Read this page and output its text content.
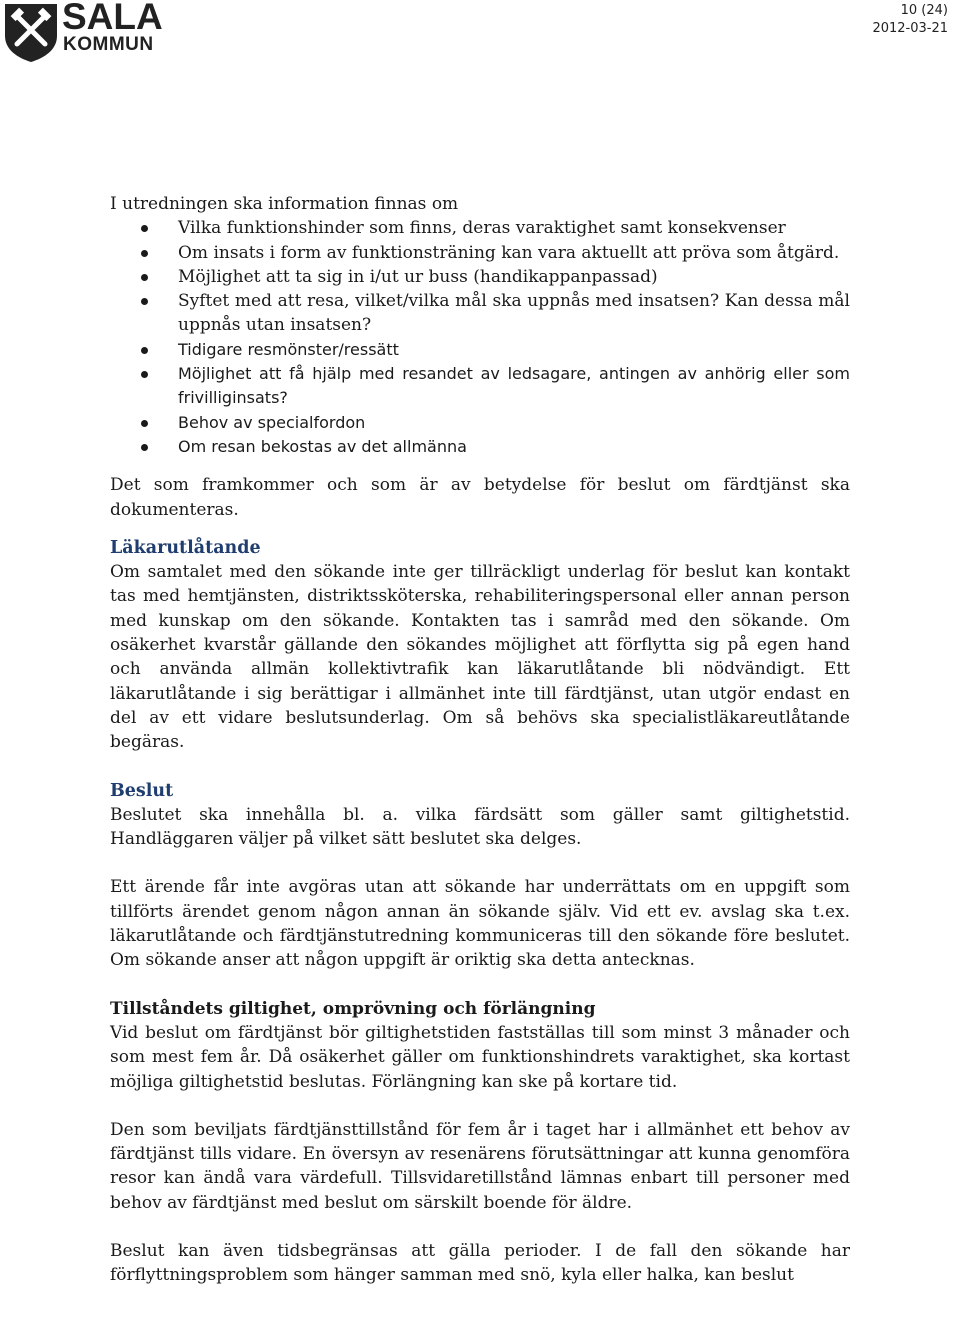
SALA
KOMMUN
10 (24)
2012-03-21

I utredningen ska information finnas om

Vilka funktionshinder som finns, deras varaktighet samt konsekvenser
Om insats i form av funktionsträning kan vara aktuellt att pröva som åtgärd.
Möjlighet att ta sig in i/ut ur buss (handikappanpassad)
Syftet med att resa, vilket/vilka mål ska uppnås med insatsen? Kan dessa mål uppnås utan insatsen?
Tidigare resmönster/ressätt
Möjlighet att få hjälp med resandet av ledsagare, antingen av anhörig eller som frivilliginsats?
Behov av specialfordon
Om resan bekostas av det allmänna

Det som framkommer och som är av betydelse för beslut om färdtjänst ska dokumenteras.

Läkarutlåtande

Om samtalet med den sökande inte ger tillräckligt underlag för beslut kan kontakt tas med hemtjänsten, distriktssköterska, rehabiliteringspersonal eller annan person med kunskap om den sökande. Kontakten tas i samråd med den sökande. Om osäkerhet kvarstår gällande den sökandes möjlighet att förflytta sig på egen hand och använda allmän kollektivtrafik kan läkarutlåtande bli nödvändigt. Ett läkarutlåtande i sig berättigar i allmänhet inte till färdtjänst, utan utgör endast en del av ett vidare beslutsunderlag. Om så behövs ska specialistläkareutlåtande begäras.

Beslut

Beslutet ska innehålla bl. a. vilka färdsätt som gäller samt giltighetstid. Handläggaren väljer på vilket sätt beslutet ska delges.

Ett ärende får inte avgöras utan att sökande har underrättats om en uppgift som tillförts ärendet genom någon annan än sökande själv. Vid ett ev. avslag ska t.ex. läkarutlåtande och färdtjänstutredning kommuniceras till den sökande före beslutet. Om sökande anser att någon uppgift är oriktig ska detta antecknas.

Tillståndets giltighet, omprövning och förlängning

Vid beslut om färdtjänst bör giltighetstiden fastställas till som minst 3 månader och som mest fem år. Då osäkerhet gäller om funktionshindrets varaktighet, ska kortast möjliga giltighetstid beslutas. Förlängning kan ske på kortare tid.

Den som beviljats färdtjänsttillstånd för fem år i taget har i allmänhet ett behov av färdtjänst tills vidare. En översyn av resenärens förutsättningar att kunna genomföra resor kan ändå vara värdefull. Tillsvidaretillstånd lämnas enbart till personer med behov av färdtjänst med beslut om särskilt boende för äldre.

Beslut kan även tidsbegränsas att gälla perioder. I de fall den sökande har förflyttningsproblem som hänger samman med snö, kyla eller halka, kan beslut
